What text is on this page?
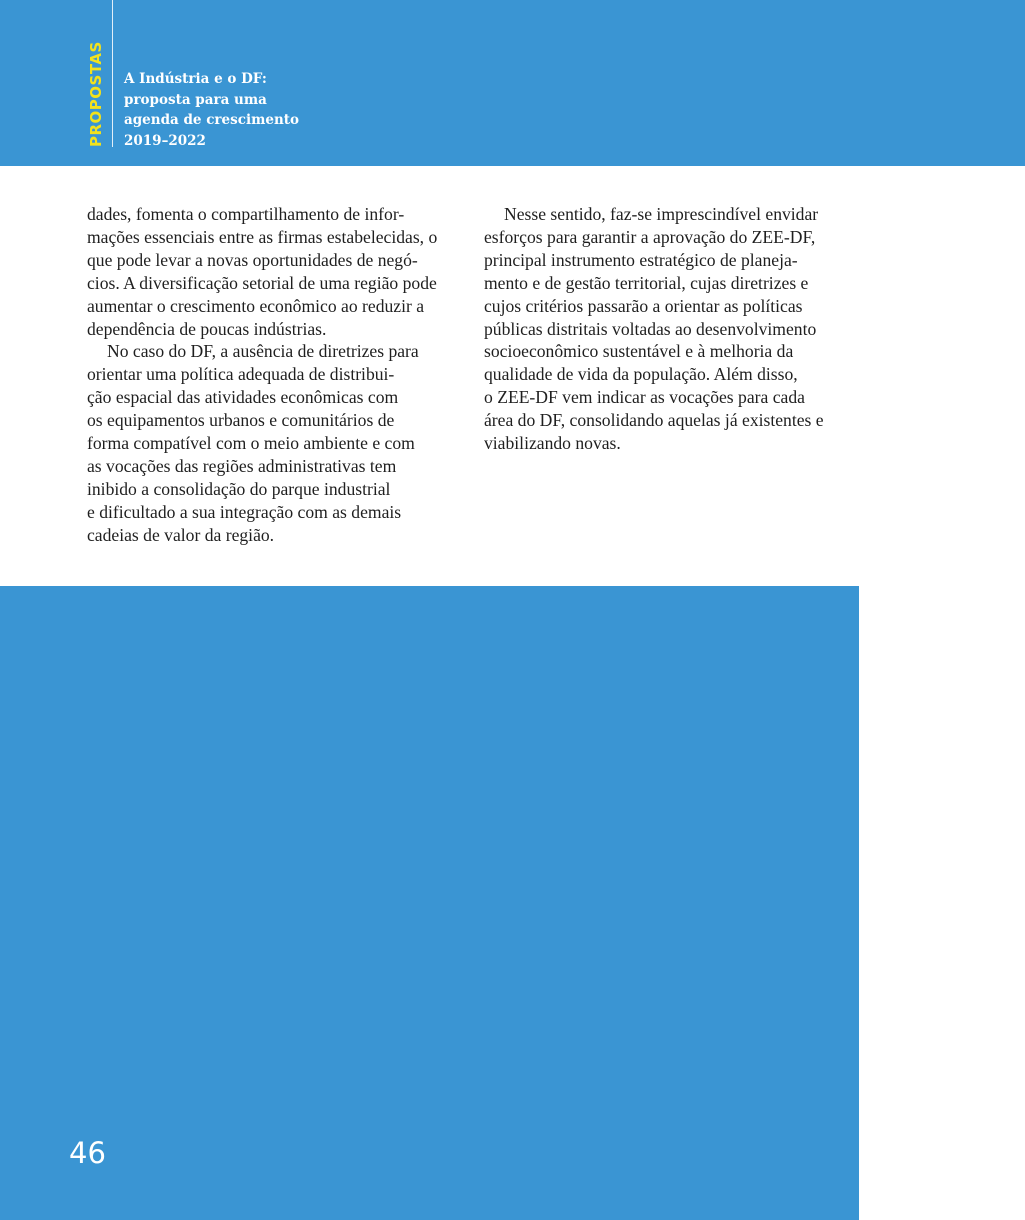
PROPOSTAS A Indústria e o DF:
proposta para uma
agenda de crescimento
2019–2022

dades, fomenta o compartilhamento de infor-
mações essenciais entre as firmas estabelecidas, o
que pode levar a novas oportunidades de negó-
cios. A diversificação setorial de uma região pode
aumentar o crescimento econômico ao reduzir a
dependência de poucas indústrias.

No caso do DF, a ausência de diretrizes para
orientar uma política adequada de distribui-
ção espacial das atividades econômicas com
os equipamentos urbanos e comunitários de
forma compatível com o meio ambiente e com
as vocações das regiões administrativas tem
inibido a consolidação do parque industrial
e dificultado a sua integração com as demais
cadeias de valor da região.

Nesse sentido, faz-se imprescindível envidar
esforços para garantir a aprovação do ZEE-DF,
principal instrumento estratégico de planeja-
mento e de gestão territorial, cujas diretrizes e
cujos critérios passarão a orientar as políticas
públicas distritais voltadas ao desenvolvimento
socioeconômico sustentável e à melhoria da
qualidade de vida da população. Além disso,
o ZEE-DF vem indicar as vocações para cada
área do DF, consolidando aquelas já existentes e
viabilizando novas.

46
